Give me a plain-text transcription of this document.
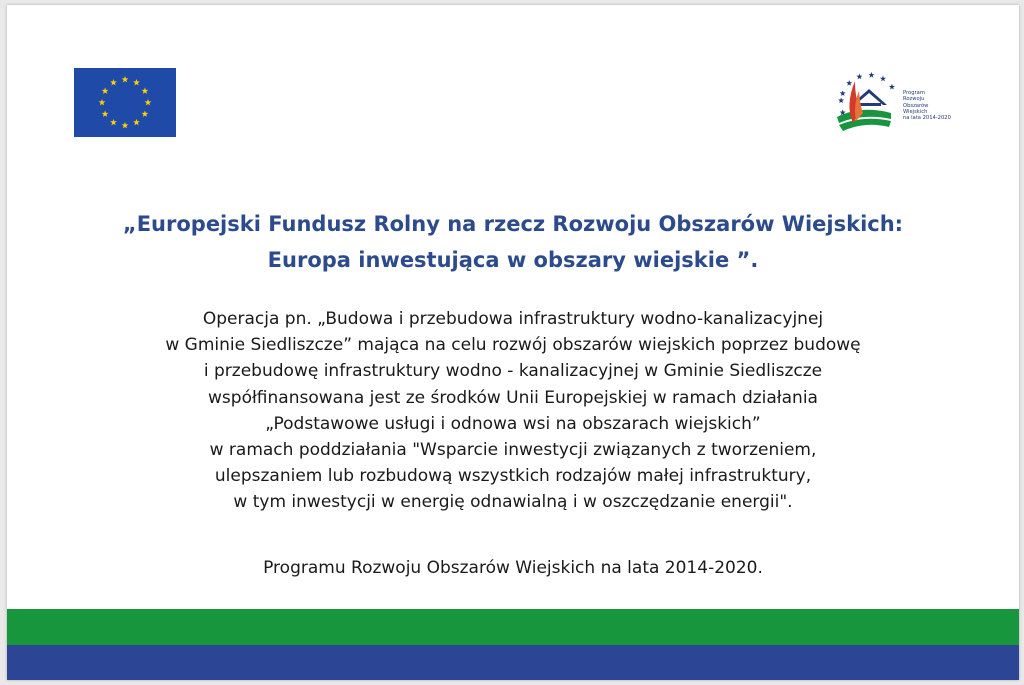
Program
Rozwoju
Obszarów
Wiejskich
na lata 2014-2020
„Europejski Fundusz Rolny na rzecz Rozwoju Obszarów Wiejskich:
Europa inwestująca w obszary wiejskie ”.
Operacja pn. „Budowa i przebudowa infrastruktury wodno-kanalizacyjnej
w Gminie Siedliszcze” mająca na celu rozwój obszarów wiejskich poprzez budowę
i przebudowę infrastruktury wodno - kanalizacyjnej w Gminie Siedliszcze
współfinansowana jest ze środków Unii Europejskiej w ramach działania
„Podstawowe usługi i odnowa wsi na obszarach wiejskich”
w ramach poddziałania "Wsparcie inwestycji związanych z tworzeniem,
ulepszaniem lub rozbudową wszystkich rodzajów małej infrastruktury,
w tym inwestycji w energię odnawialną i w oszczędzanie energii".
Programu Rozwoju Obszarów Wiejskich na lata 2014-2020.
